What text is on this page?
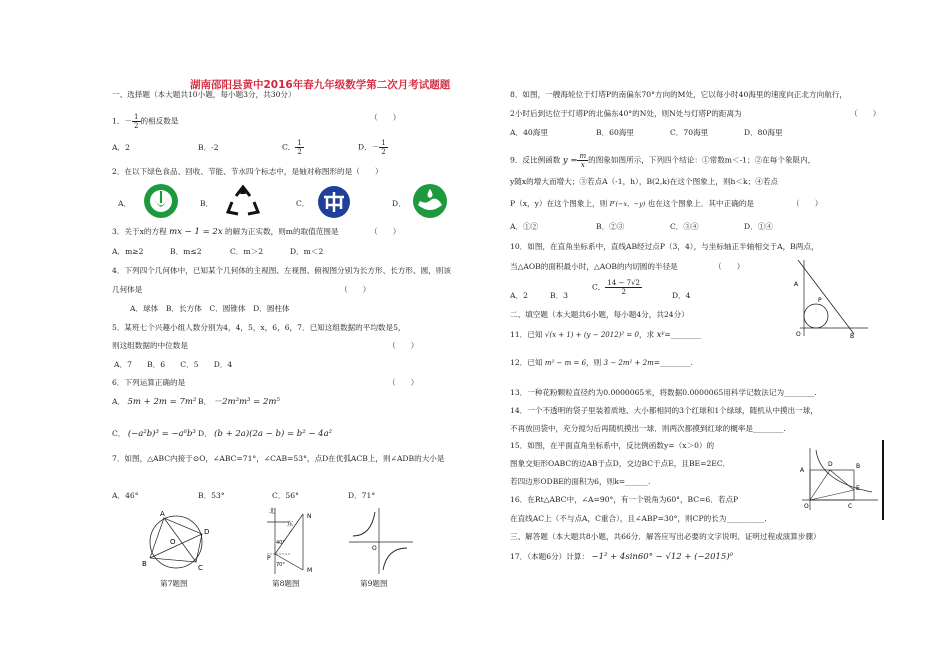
湖南邵阳县黄中2016年春九年级数学第二次月考试题题
一、选择题（本大题共10小题，每小题3分，共30分）
1．－ $\frac{1}{2}$ 的相反数是	（　　）
A．2	B．-2	C． $\frac{1}{2}$	D．－ $\frac{1}{2}$
2．在以下绿色食品、回收、节能、节水四个标志中，是轴对称图形的是（　　）
A．	B．	C．	D．
3．关于x的方程 mx − 1 = 2x 的解为正实数，则m的取值范围是	（　　）
A．m≥2	B．m≤2	C．m＞2	D．m＜2
4．下列四个几何体中，已知某个几何体的主视图、左视图、俯视图分别为长方形、长方形、圆，则该
几何体是	（　　）
A．球体　B．长方体　C．圆锥体　D．圆柱体
5．某班七个兴趣小组人数分别为4，4，5，x，6，6，7．已知这组数据的平均数是5，
则这组数据的中位数是	（　　）
A．7　　B．6　　C．5　　D．4
6．下列运算正确的是	（　　）
A． 5m + 2m = 7m² B． －2m²m³ = 2m⁵
C． (−a²b)³ = −a⁶b³ D． (b + 2a)(2a − b) = b² − 4a²
7．如图，△ABC内接于⊙O，∠ABC=71°，∠CAB=53°，点D在优弧ACB上，则∠ADB的大小是
A．46°	B．53°	C．56°	D．71°
A
B	C
D
O
第7题图
北
东
N
M
P
40°
70°
第8题图
O
第9题图
8．如图，一艘海轮位于灯塔P的南偏东70°方向的M处，它以每小时40海里的速度向正北方向航行，
2小时后到达位于灯塔P的北偏东40°的N处，则N处与灯塔P的距离为	（　　）
A．40海里	B．60海里	C．70海里	D．80海里
9．反比例函数 $y = \frac{m}{x}$ 的图象如图所示，下列四个结论：①常数m＜-1；②在每个象限内，
y随x的增大而增大；③若点A（-1，h），B(2,k)在这个图象上，则h＜k；④若点
P（x，y）在这个图象上，则 P′(−x，−y) 也在这个图象上．其中正确的是	（　　）
A．①②	B．②③	C．③④	D．①④
10．如图，在直角坐标系中，直线AB经过点P（3，4），与坐标轴正半轴相交于A，B两点，
当△AOB的面积最小时，△AOB的内切圆的半径是	（　　）
A．2	B．3
C． $\frac{14 - 7√2}{2}$	D．4
A
P
O	B
二、填空题（本大题共6小题，每小题4分，共24分）
11．已知 √(x + 1) + (y − 2012)² = 0，求 xʸ=________
12．已知 m² − m = 6，则 3 − 2m² + 2m=________.
13．一种花粉颗粒直径约为0.0000065米，将数据0.0000065用科学记数法记为________.
14．一个不透明的袋子里装着质地、大小都相同的3个红球和1个绿球，随机从中摸出一球，
不再放回袋中，充分搅匀后再随机摸出一球．则两次都摸到红球的概率是________.
15．如图，在平面直角坐标系中，反比例函数y=（x＞0）的
图象交矩形OABC的边AB于点D，交边BC于点E，且BE=2EC．
若四边形ODBE的面积为6，则k=______.
O	C
B
D
E
A
16．在Rt△ABC中，∠A=90°，有一个锐角为60°，BC=6．若点P
在直线AC上（不与点A，C重合），且∠ABP=30°，则CP的长为__________.
三、解答题（本大题共8小题，共66分．解答应写出必要的文字说明、证明过程或演算步骤）
17．（本题6分）计算： −1² + 4sin60° − √12 + (−2015)⁰
